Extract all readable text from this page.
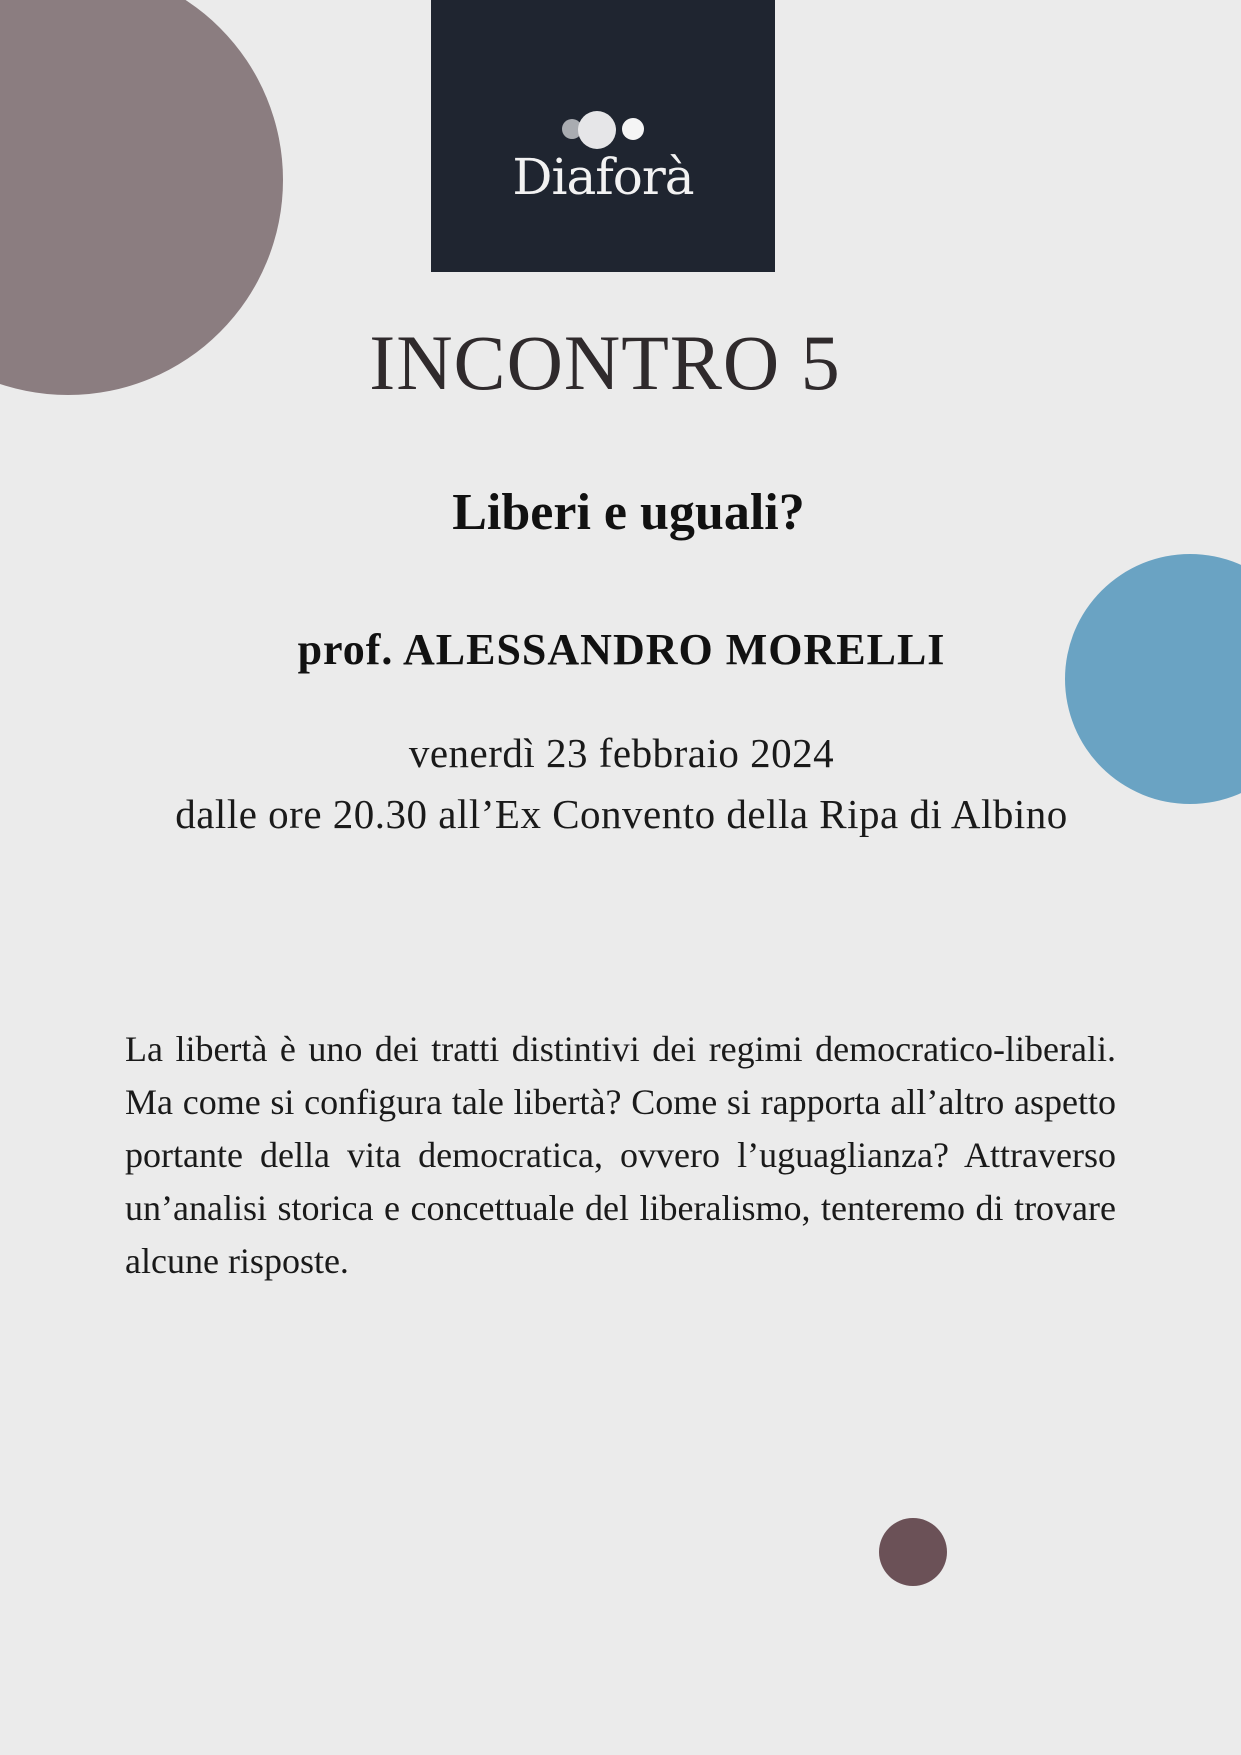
Diaforà
INCONTRO 5
Liberi e uguali?
prof. ALESSANDRO MORELLI
venerdì 23 febbraio 2024
dalle ore 20.30 all’Ex Convento della Ripa di Albino

La libertà è uno dei tratti distintivi dei regimi democratico-liberali. Ma come si configura tale libertà? Come si rapporta all’altro aspetto portante della vita democratica, ovvero l’uguaglianza? Attraverso un’analisi storica e concettuale del liberalismo, tenteremo di trovare alcune risposte.
